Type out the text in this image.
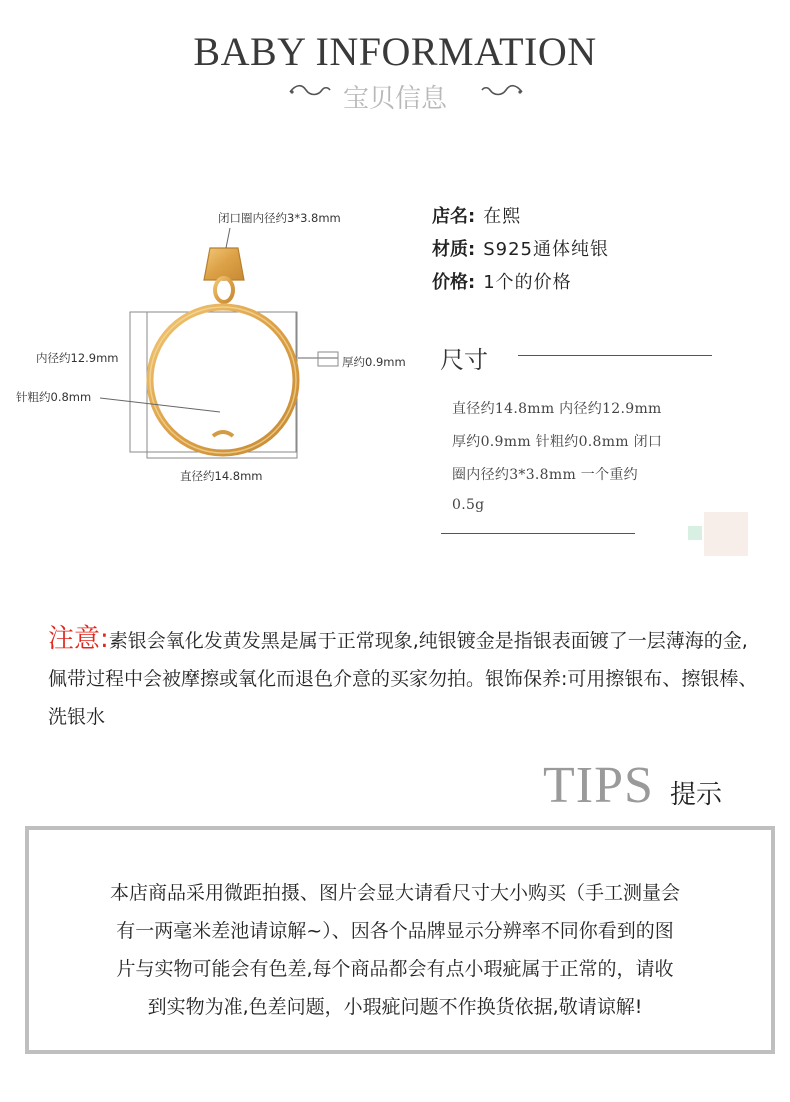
BABY INFORMATION
宝贝信息
闭口圈内径约3*3.8mm
内径约12.9mm	厚约0.9mm
针粗约0.8mm
直径约14.8mm
店名: 在熙
材质: S925通体纯银
价格: 1个的价格
尺寸
直径约14.8mm 内径约12.9mm
厚约0.9mm 针粗约0.8mm 闭口
圈内径约3*3.8mm 一个重约
0.5g
注意:素银会氧化发黄发黑是属于正常现象,纯银镀金是指银表面镀了一层薄海的金,佩带过程中会被摩擦或氧化而退色介意的买家勿拍。银饰保养:可用擦银布、擦银棒、洗银水
TIPS 提示
本店商品采用微距拍摄、图片会显大请看尺寸大小购买（手工测量会
有一两毫米差池请谅解~）、因各个品牌显示分辨率不同你看到的图
片与实物可能会有色差,每个商品都会有点小瑕疵属于正常的，请收
到实物为准,色差问题，小瑕疵问题不作换货依据,敬请谅解!
